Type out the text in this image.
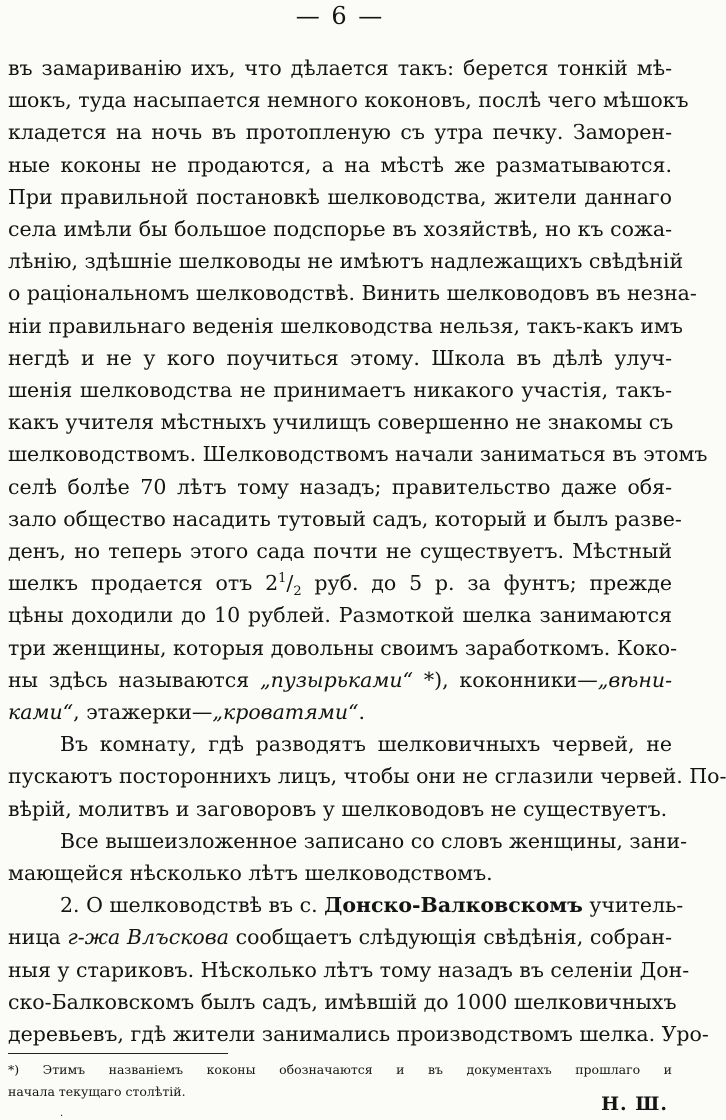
— 6 —
въ замариванію ихъ, что дѣлается такъ: берется тонкій мѣ-
шокъ, туда насыпается немного коконовъ, послѣ чего мѣшокъ
кладется на ночь въ протопленую съ утра печку. Заморен-
ные коконы не продаются, а на мѣстѣ же разматываются.
При правильной постановкѣ шелководства, жители даннаго
села имѣли бы большое подспорье въ хозяйствѣ, но къ сожа-
лѣнію, здѣшніе шелководы не имѣютъ надлежащихъ свѣдѣній
о раціональномъ шелководствѣ. Винить шелководовъ въ незна-
ніи правильнаго веденія шелководства нельзя, такъ-какъ имъ
негдѣ и не у кого поучиться этому. Школа въ дѣлѣ улуч-
шенія шелководства не принимаетъ никакого участія, такъ-
какъ учителя мѣстныхъ училищъ совершенно не знакомы съ
шелководствомъ. Шелководствомъ начали заниматься въ этомъ
селѣ болѣе 70 лѣтъ тому назадъ; правительство даже обя-
зало общество насадить тутовый садъ, который и былъ разве-
денъ, но теперь этого сада почти не существуетъ. Мѣстный
шелкъ продается отъ $2^1/_2$ руб. до 5 р. за фунтъ; прежде
цѣны доходили до 10 рублей. Размоткой шелка занимаются
три женщины, которыя довольны своимъ заработкомъ. Коко-
ны здѣсь называются „пузырьками“ *), коконники—„вѣни-
ками“, этажерки—„кроватями“.
Въ комнату, гдѣ разводятъ шелковичныхъ червей, не
пускаютъ постороннихъ лицъ, чтобы они не сглазили червей. По-
вѣрій, молитвъ и заговоровъ у шелководовъ не существуетъ.
Все вышеизложенное записано со словъ женщины, зани-
мающейся нѣсколько лѣтъ шелководствомъ.
2. О шелководствѣ въ с. Донско-Валковскомъ учитель-
ница г-жа Влъскова сообщаетъ слѣдующія свѣдѣнія, собран-
ныя у стариковъ. Нѣсколько лѣтъ тому назадъ въ селеніи Дон-
ско-Балковскомъ былъ садъ, имѣвшій до 1000 шелковичныхъ
деревьевъ, гдѣ жители занимались производствомъ шелка. Уро-
*) Этимъ названіемъ коконы обозначаются и въ документахъ прошлаго и
начала текущаго столѣтій.
.	Н. Ш.
